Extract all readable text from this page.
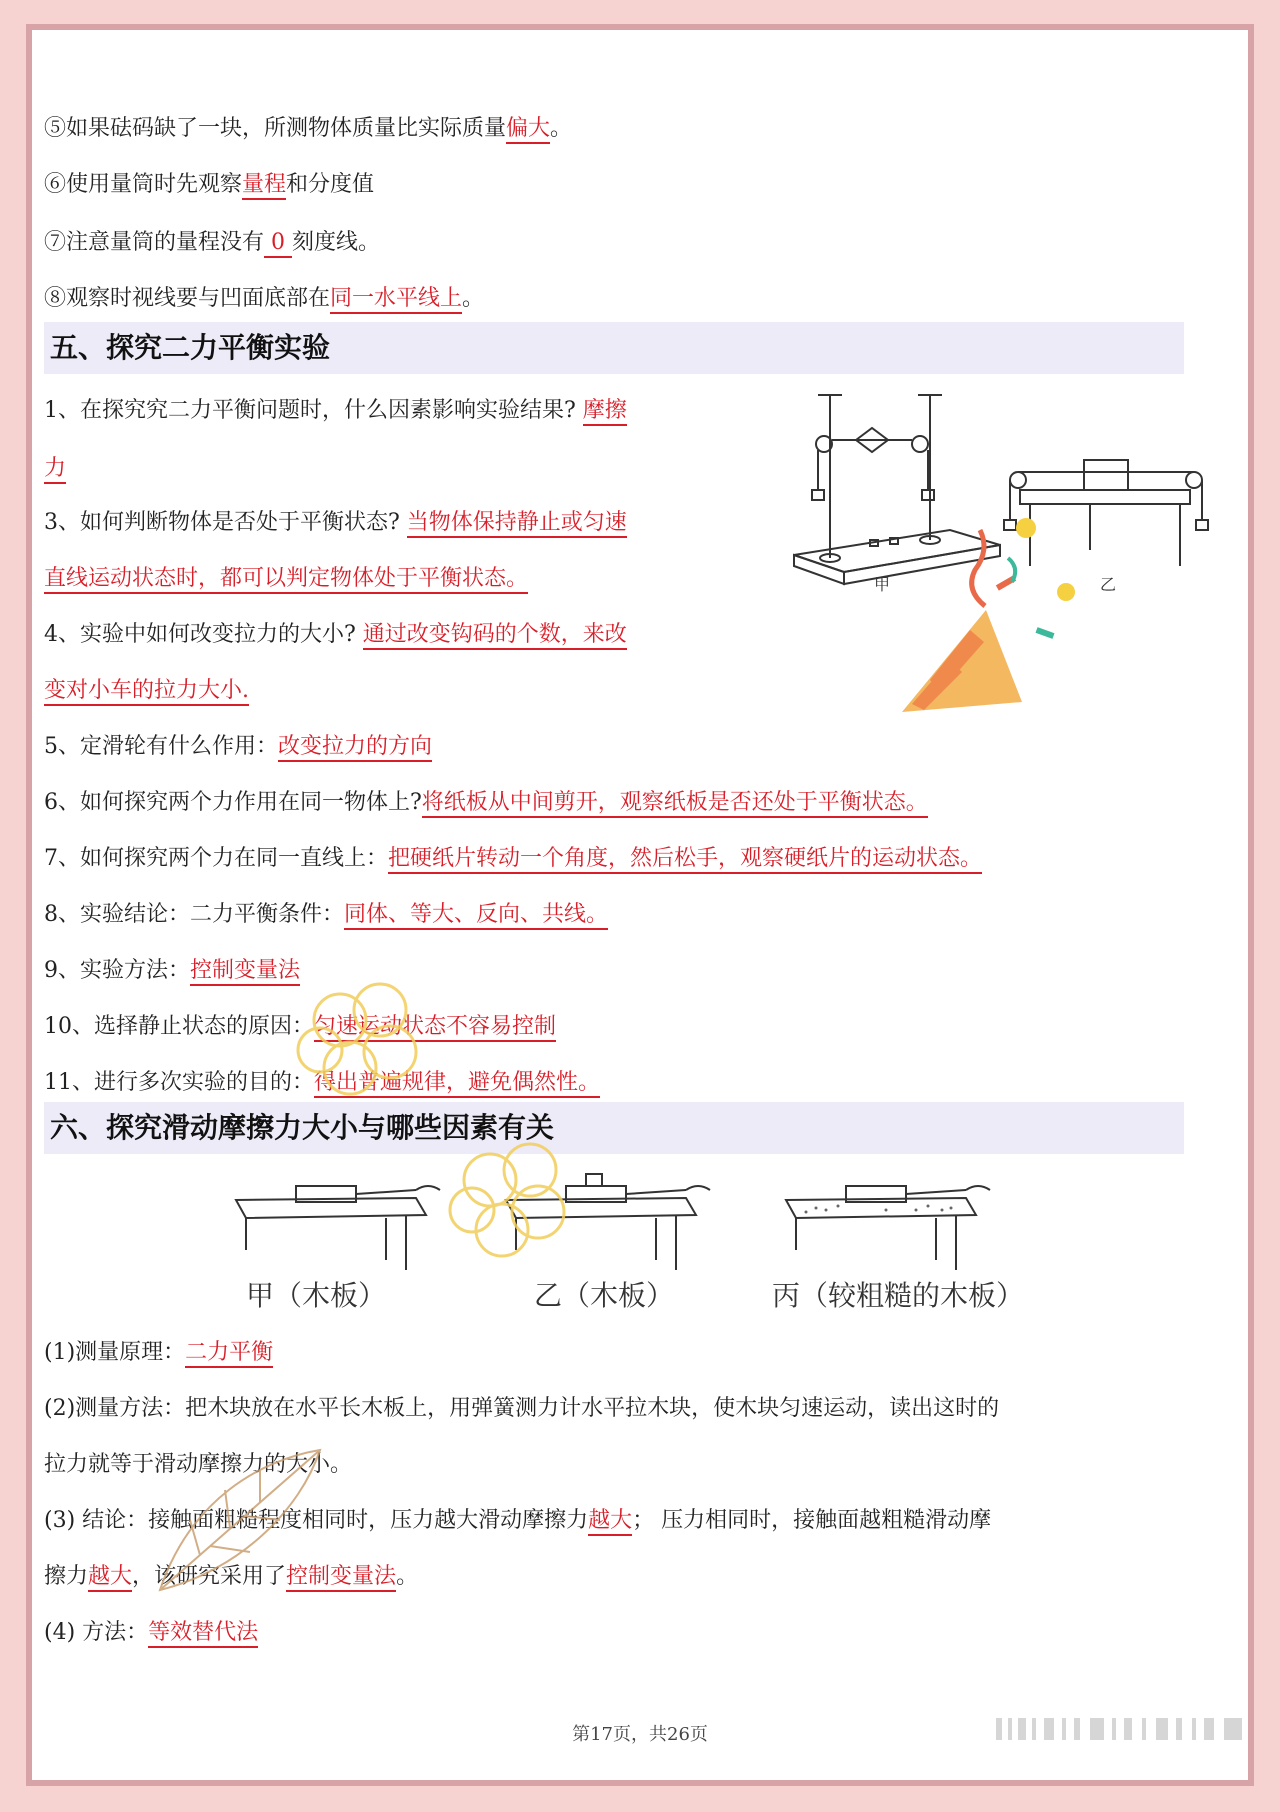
⑤如果砝码缺了一块，所测物体质量比实际质量偏大。
⑥使用量筒时先观察量程和分度值
⑦注意量筒的量程没有 0 刻度线。
⑧观察时视线要与凹面底部在同一水平线上。
五、探究二力平衡实验
1、在探究究二力平衡问题时，什么因素影响实验结果? 摩擦
力
3、如何判断物体是否处于平衡状态? 当物体保持静止或匀速
直线运动状态时，都可以判定物体处于平衡状态。
4、实验中如何改变拉力的大小? 通过改变钩码的个数，来改
变对小车的拉力大小.
5、定滑轮有什么作用：改变拉力的方向
6、如何探究两个力作用在同一物体上?将纸板从中间剪开，观察纸板是否还处于平衡状态。
7、如何探究两个力在同一直线上：把硬纸片转动一个角度，然后松手，观察硬纸片的运动状态。
8、实验结论：二力平衡条件：同体、等大、反向、共线。
9、实验方法：控制变量法
10、选择静止状态的原因：匀速运动状态不容易控制
11、进行多次实验的目的：得出普遍规律，避免偶然性。
甲	乙
六、探究滑动摩擦力大小与哪些因素有关
甲（木板）	乙（木板）	丙（较粗糙的木板）
(1)测量原理：二力平衡
(2)测量方法：把木块放在水平长木板上，用弹簧测力计水平拉木块，使木块匀速运动，读出这时的
拉力就等于滑动摩擦力的大小。
(3) 结论：接触面粗糙程度相同时，压力越大滑动摩擦力越大； 压力相同时，接触面越粗糙滑动摩
擦力越大，该研究采用了控制变量法。
(4) 方法：等效替代法
第17页，共26页
